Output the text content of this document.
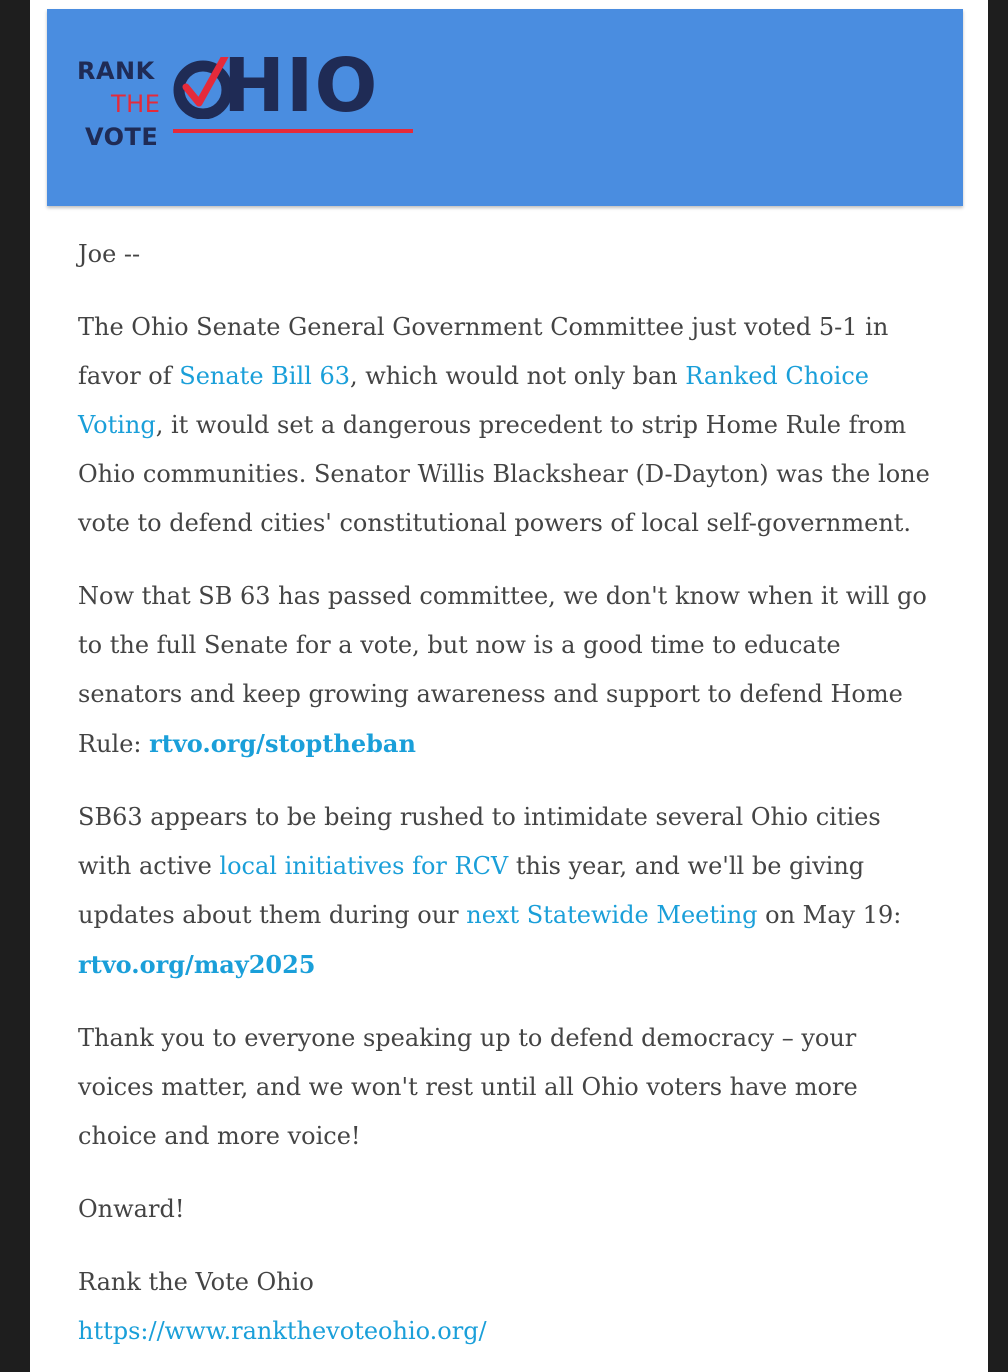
RANK
THE
VOTE
HIO

Joe --

The Ohio Senate General Government Committee just voted 5-1 in favor of Senate Bill 63, which would not only ban Ranked Choice Voting, it would set a dangerous precedent to strip Home Rule from Ohio communities. Senator Willis Blackshear (D-Dayton) was the lone vote to defend cities' constitutional powers of local self-government.

Now that SB 63 has passed committee, we don't know when it will go to the full Senate for a vote, but now is a good time to educate senators and keep growing awareness and support to defend Home Rule: rtvo.org/stoptheban

SB63 appears to be being rushed to intimidate several Ohio cities with active local initiatives for RCV this year, and we'll be giving updates about them during our next Statewide Meeting on May 19: rtvo.org/may2025

Thank you to everyone speaking up to defend democracy – your voices matter, and we won't rest until all Ohio voters have more choice and more voice!

Onward!

Rank the Vote Ohio
https://www.rankthevoteohio.org/
